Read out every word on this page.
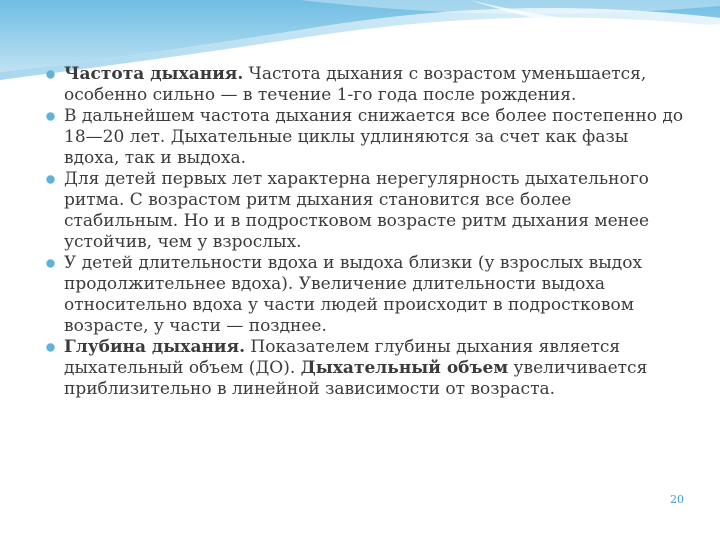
Частота дыхания. Частота дыхания с возрастом уменьшается, особенно сильно — в течение 1-го года после рождения.
В дальнейшем частота дыхания снижается все более постепенно до 18—20 лет. Дыхательные циклы удлиняются за счет как фазы вдоха, так и выдоха.
Для детей первых лет характерна нерегулярность дыхательного ритма. С возрастом ритм дыхания становится все более стабильным. Но и в подростковом возрасте ритм дыхания менее устойчив, чем у взрослых.
У детей длительности вдоха и выдоха близки (у взрослых выдох продолжительнее вдоха). Увеличение длительности выдоха относительно вдоха у части людей происходит в подростковом возрасте, у части — позднее.
Глубина дыхания. Показателем глубины дыхания является дыхательный объем (ДО). Дыхательный объем увеличивается приблизительно в линейной зависимости от возраста.
20
